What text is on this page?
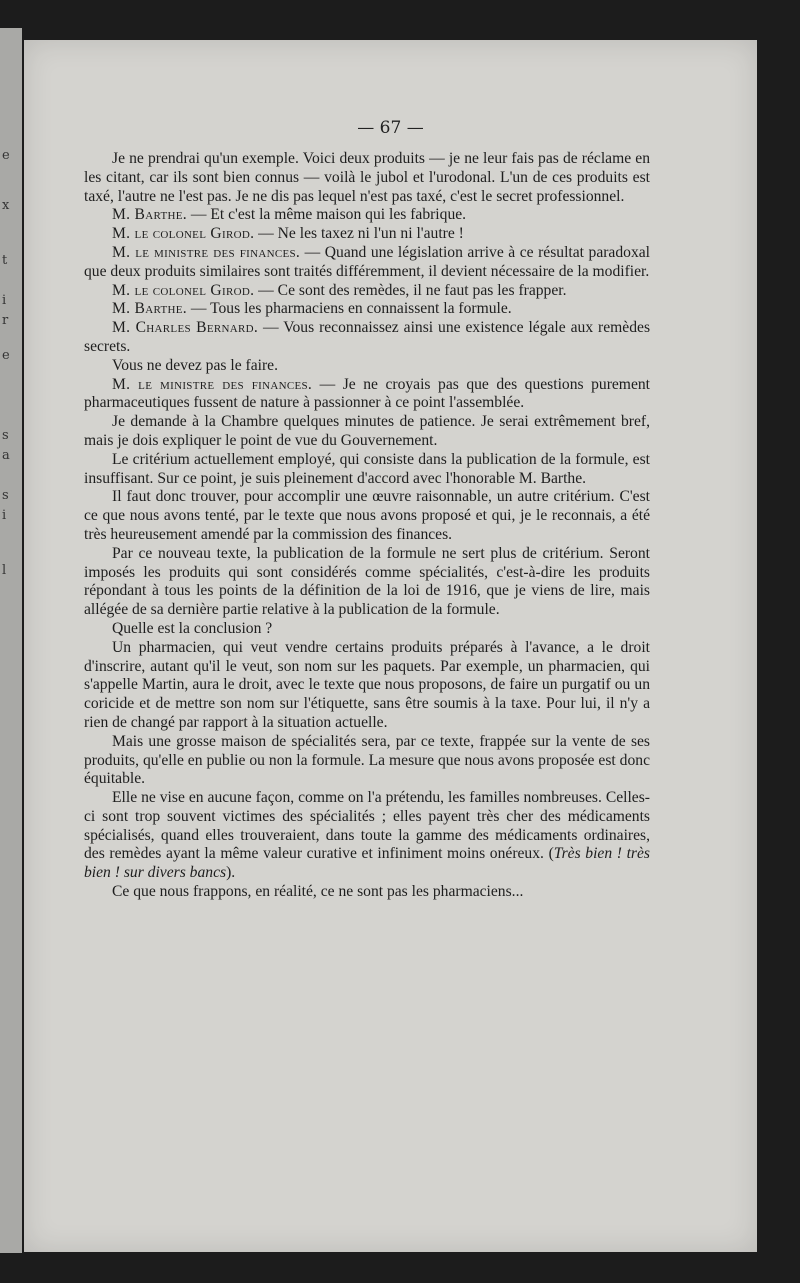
e
x
t
i
r
e
s
a
s
i
l
— 67 —

Je ne prendrai qu'un exemple. Voici deux produits — je ne leur fais pas de réclame en les citant, car ils sont bien connus — voilà le jubol et l'urodonal. L'un de ces produits est taxé, l'autre ne l'est pas. Je ne dis pas lequel n'est pas taxé, c'est le secret professionnel.

M. Barthe. — Et c'est la même maison qui les fabrique.

M. le colonel Girod. — Ne les taxez ni l'un ni l'autre !

M. le ministre des finances. — Quand une législation arrive à ce résultat paradoxal que deux produits similaires sont traités différemment, il devient nécessaire de la modifier.

M. le colonel Girod. — Ce sont des remèdes, il ne faut pas les frapper.

M. Barthe. — Tous les pharmaciens en connaissent la formule.

M. Charles Bernard. — Vous reconnaissez ainsi une existence légale aux remèdes secrets.

Vous ne devez pas le faire.

M. le ministre des finances. — Je ne croyais pas que des questions purement pharmaceutiques fussent de nature à passionner à ce point l'assemblée.

Je demande à la Chambre quelques minutes de patience. Je serai extrêmement bref, mais je dois expliquer le point de vue du Gouvernement.

Le critérium actuellement employé, qui consiste dans la publication de la formule, est insuffisant. Sur ce point, je suis pleinement d'accord avec l'honorable M. Barthe.

Il faut donc trouver, pour accomplir une œuvre raisonnable, un autre critérium. C'est ce que nous avons tenté, par le texte que nous avons proposé et qui, je le reconnais, a été très heureusement amendé par la commission des finances.

Par ce nouveau texte, la publication de la formule ne sert plus de critérium. Seront imposés les produits qui sont considérés comme spécialités, c'est-à-dire les produits répondant à tous les points de la définition de la loi de 1916, que je viens de lire, mais allégée de sa dernière partie relative à la publication de la formule.

Quelle est la conclusion ?

Un pharmacien, qui veut vendre certains produits préparés à l'avance, a le droit d'inscrire, autant qu'il le veut, son nom sur les paquets. Par exemple, un pharmacien, qui s'appelle Martin, aura le droit, avec le texte que nous proposons, de faire un purgatif ou un coricide et de mettre son nom sur l'étiquette, sans être soumis à la taxe. Pour lui, il n'y a rien de changé par rapport à la situation actuelle.

Mais une grosse maison de spécialités sera, par ce texte, frappée sur la vente de ses produits, qu'elle en publie ou non la formule. La mesure que nous avons proposée est donc équitable.

Elle ne vise en aucune façon, comme on l'a prétendu, les familles nombreuses. Celles-ci sont trop souvent victimes des spécialités ; elles payent très cher des médicaments spécialisés, quand elles trouveraient, dans toute la gamme des médicaments ordinaires, des remèdes ayant la même valeur curative et infiniment moins onéreux. (Très bien ! très bien ! sur divers bancs).

Ce que nous frappons, en réalité, ce ne sont pas les pharmaciens...
